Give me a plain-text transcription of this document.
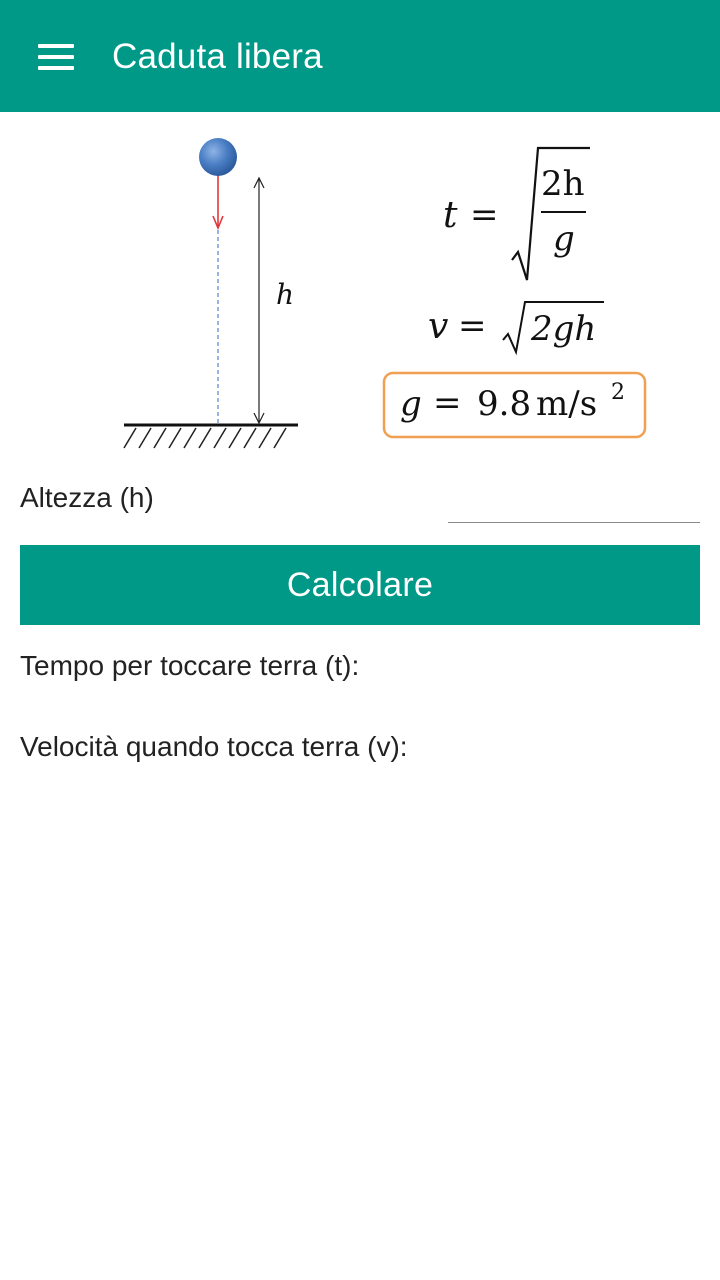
Caduta libera
h
t =
2h
g
v = 2gh
g = 9.8 m/s 2
Altezza (h)
Calcolare
Tempo per toccare terra (t):
Velocità quando tocca terra (v):
